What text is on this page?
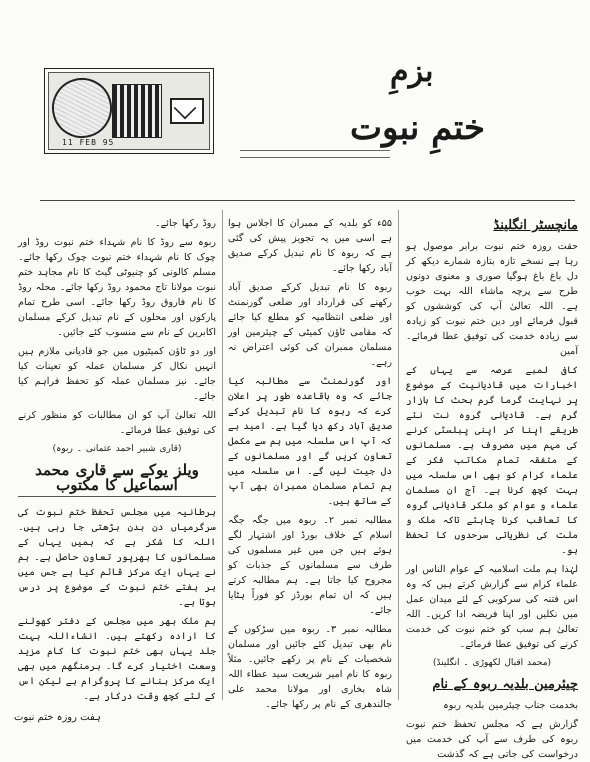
11 FEB 95
بزمِ
ختمِ نبوت
مانچسٹر انگلینڈ

حقت روزہ ختم نبوت برابر موصول ہو رہا ہے نسخے تازہ بتازہ شمارے دیکھ کر دل باغ باغ ہوگیا صوری و معنوی دونوں طرح سے پرچہ ماشاء اللہ بہت خوب ہے۔ اللہ تعالیٰ آپ کی کوششوں کو قبول فرمائے اور دین ختم نبوت کو زیادہ سے زیادہ خدمت کی توفیق عطا فرمائے۔ آمین

کافی لمبے عرصہ سے یہاں کے اخبارات میں قادیانیت کے موضوع پر نہایت گرما گرم بحث کا بازار گرم ہے۔ قادیانی گروہ نت نئے طریقے اپنا کر اپنی پبلسٹی کرنے کی مہم میں مصروف ہے۔ مسلمانوں کے متفقہ تمام مکاتب فکر کے علماء کرام کو بھی اس سلسلہ میں بہت کچھ کرنا ہے۔ آج ان مسلمان علماء و عوام کو ملکر قادیانی گروہ کا تعاقب کرنا چاہئے تاکہ ملک و ملت کی نظریاتی سرحدوں کا تحفظ ہو۔

لہٰذا ہم ملت اسلامیہ کے عوام الناس اور علماء کرام سے گزارش کرتے ہیں کہ وہ اس فتنہ کی سرکوبی کے لئے میدان عمل میں نکلیں اور اپنا فریضہ ادا کریں۔ اللہ تعالیٰ ہم سب کو ختم نبوت کی خدمت کرنے کی توفیق عطا فرمائے۔

(محمد اقبال لکھوڑی ۔ انگلینڈ)
چیئرمین بلدیہ ربوہ کے نام

بخدمت جناب چیئرمین بلدیہ ربوہ

گزارش ہے کہ مجلس تحفظ ختم نبوت ربوہ کی طرف سے آپ کی خدمت میں درخواست کی جاتی ہے کہ گذشت

۵۵ء کو بلدیہ کے ممبران کا اجلاس ہوا ہے اسی میں یہ تجویز پیش کی گئی ہے کہ ربوہ کا نام تبدیل کرکے صدیق آباد رکھا جائے۔

ربوہ کا نام تبدیل کرکے صدیق آباد رکھنے کی قرارداد اور ضلعی گورنمنٹ اور ضلعی انتظامیہ کو مطلع کیا جائے کہ مقامی ٹاؤن کمیٹی کے چیئرمین اور مسلمان ممبران کی کوئی اعتراض نہ رہے۔

اور گورنمنٹ سے مطالبہ کیا جائے کہ وہ باقاعدہ طور پر اعلان کرے کہ ربوہ کا نام تبدیل کرکے صدیق آباد رکھ دیا گیا ہے۔ امید ہے کہ آپ اس سلسلہ میں ہم سے مکمل تعاون کریں گے اور مسلمانوں کے دل جیت لیں گے۔ اس سلسلہ میں ہم تمام مسلمان ممبران بھی آپ کے ساتھ ہیں۔

مطالبہ نمبر ۲۔ ربوہ میں جگہ جگہ اسلام کے خلاف بورڈ اور اشتہار لگے ہوئے ہیں جن میں غیر مسلموں کی طرف سے مسلمانوں کے جذبات کو مجروح کیا جاتا ہے۔ ہم مطالبہ کرتے ہیں کہ ان تمام بورڈز کو فوراً ہٹایا جائے۔

مطالبہ نمبر ۳۔ ربوہ میں سڑکوں کے نام بھی تبدیل کئے جائیں اور مسلمان شخصیات کے نام پر رکھے جائیں۔ مثلاً ربوہ کا نام امیر شریعت سید عطاء اللہ شاہ بخاری اور مولانا محمد علی جالندھری کے نام پر رکھا جائے۔

روڈ رکھا جائے۔

ربوہ سے روڈ کا نام شہداء ختم نبوت روڈ اور چوک کا نام شہداء ختم نبوت چوک رکھا جائے۔ مسلم کالونی کو چنیوٹی گیٹ کا نام مجاہد ختم نبوت مولانا تاج محمود روڈ رکھا جائے۔ محلہ روڈ کا نام فاروق روڈ رکھا جائے۔ اسی طرح تمام پارکوں اور محلوں کے نام تبدیل کرکے مسلمان اکابرین کے نام سے منسوب کئے جائیں۔

اور دو ٹاؤن کمیٹیوں میں جو قادیانی ملازم ہیں انہیں نکال کر مسلمان عملہ کو تعینات کیا جائے۔ نیز مسلمان عملہ کو تحفظ فراہم کیا جائے۔

اللہ تعالیٰ آپ کو ان مطالبات کو منظور کرنے کی توفیق عطا فرمائے۔

(قاری شبیر احمد عثمانی ۔ ربوہ)
ویلز یوکے سے قاری محمد اسماعیل کا مکتوب

برطانیہ میں مجلس تحفظ ختم نبوت کی سرگرمیاں دن بدن بڑھتی جا رہی ہیں۔ اللہ کا شکر ہے کہ ہمیں یہاں کے مسلمانوں کا بھرپور تعاون حاصل ہے۔ ہم نے یہاں ایک مرکز قائم کیا ہے جس میں ہر ہفتے ختم نبوت کے موضوع پر درس ہوتا ہے۔

ہم ملک بھر میں مجلس کے دفتر کھولنے کا ارادہ رکھتے ہیں۔ انشاءاللہ بہت جلد یہاں بھی ختم نبوت کا کام مزید وسعت اختیار کرے گا۔ برمنگھم میں بھی ایک مرکز بنانے کا پروگرام ہے لیکن اس کے لئے کچھ وقت درکار ہے۔

ہفت روزہ ختم نبوت
